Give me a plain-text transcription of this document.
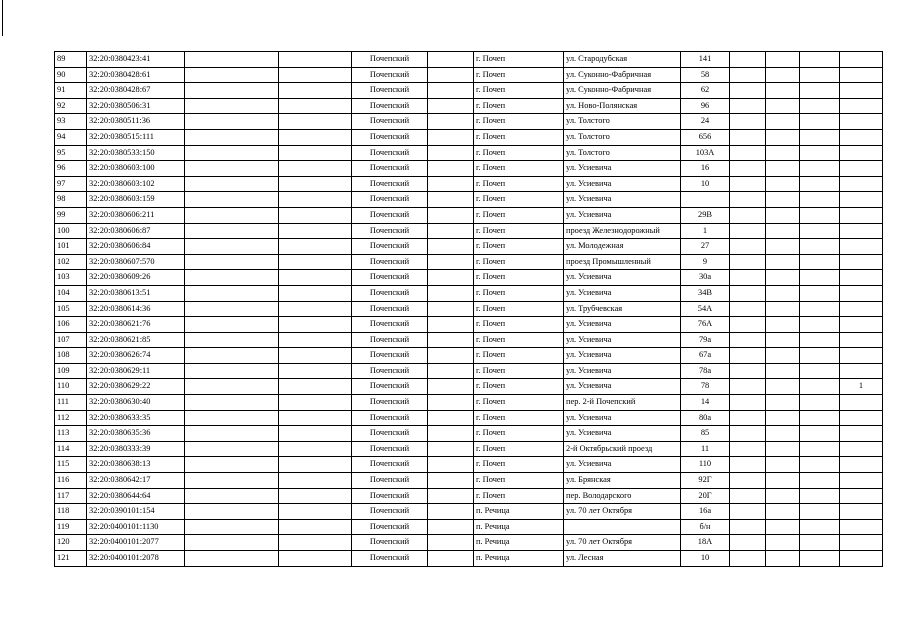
89	32:20:0380423:41			Почепский		г. Почеп	ул. Стародубская	141				
90	32:20:0380428:61			Почепский		г. Почеп	ул. Суконно-Фабричная	58				
91	32:20:0380428:67			Почепский		г. Почеп	ул. Суконно-Фабричная	62				
92	32:20:0380506:31			Почепский		г. Почеп	ул. Ново-Полянская	96				
93	32:20:0380511:36			Почепский		г. Почеп	ул. Толстого	24				
94	32:20:0380515:111			Почепский		г. Почеп	ул. Толстого	656				
95	32:20:0380533:150			Почепский		г. Почеп	ул. Толстого	103А				
96	32:20:0380603:100			Почепский		г. Почеп	ул. Усиевича	16				
97	32:20:0380603:102			Почепский		г. Почеп	ул. Усиевича	10				
98	32:20:0380603:159			Почепский		г. Почеп	ул. Усиевича					
99	32:20:0380606:211			Почепский		г. Почеп	ул. Усиевича	29В				
100	32:20:0380606:87			Почепский		г. Почеп	проезд Железнодорожный	1				
101	32:20:0380606:84			Почепский		г. Почеп	ул. Молодежная	27				
102	32:20:0380607:570			Почепский		г. Почеп	проезд Промышленный	9				
103	32:20:0380609:26			Почепский		г. Почеп	ул. Усиевича	30а				
104	32:20:0380613:51			Почепский		г. Почеп	ул. Усиевича	34В				
105	32:20:0380614:36			Почепский		г. Почеп	ул. Трубчевская	54А				
106	32:20:0380621:76			Почепский		г. Почеп	ул. Усиевича	76А				
107	32:20:0380621:85			Почепский		г. Почеп	ул. Усиевича	79а				
108	32:20:0380626:74			Почепский		г. Почеп	ул. Усиевича	67а				
109	32:20:0380629:11			Почепский		г. Почеп	ул. Усиевича	78а				
110	32:20:0380629:22			Почепский		г. Почеп	ул. Усиевича	78				1
111	32:20:0380630:40			Почепский		г. Почеп	пер. 2-й Почепский	14				
112	32:20:0380633:35			Почепский		г. Почеп	ул. Усиевича	80а				
113	32:20:0380635:36			Почепский		г. Почеп	ул. Усиевича	85				
114	32:20:0380333:39			Почепский		г. Почеп	2-й Октябрьский проезд	11				
115	32:20:0380638:13			Почепский		г. Почеп	ул. Усиевича	110				
116	32:20:0380642:17			Почепский		г. Почеп	ул. Брянская	92Г				
117	32:20:0380644:64			Почепский		г. Почеп	пер. Володарского	20Г				
118	32:20:0390101:154			Почепский		п. Речица	ул. 70 лет Октября	16а				
119	32:20:0400101:1130			Почепский		п. Речица		б/н				
120	32:20:0400101:2077			Почепский		п. Речица	ул. 70 лет Октября	18А				
121	32:20:0400101:2078			Почепский		п. Речица	ул. Лесная	10				
